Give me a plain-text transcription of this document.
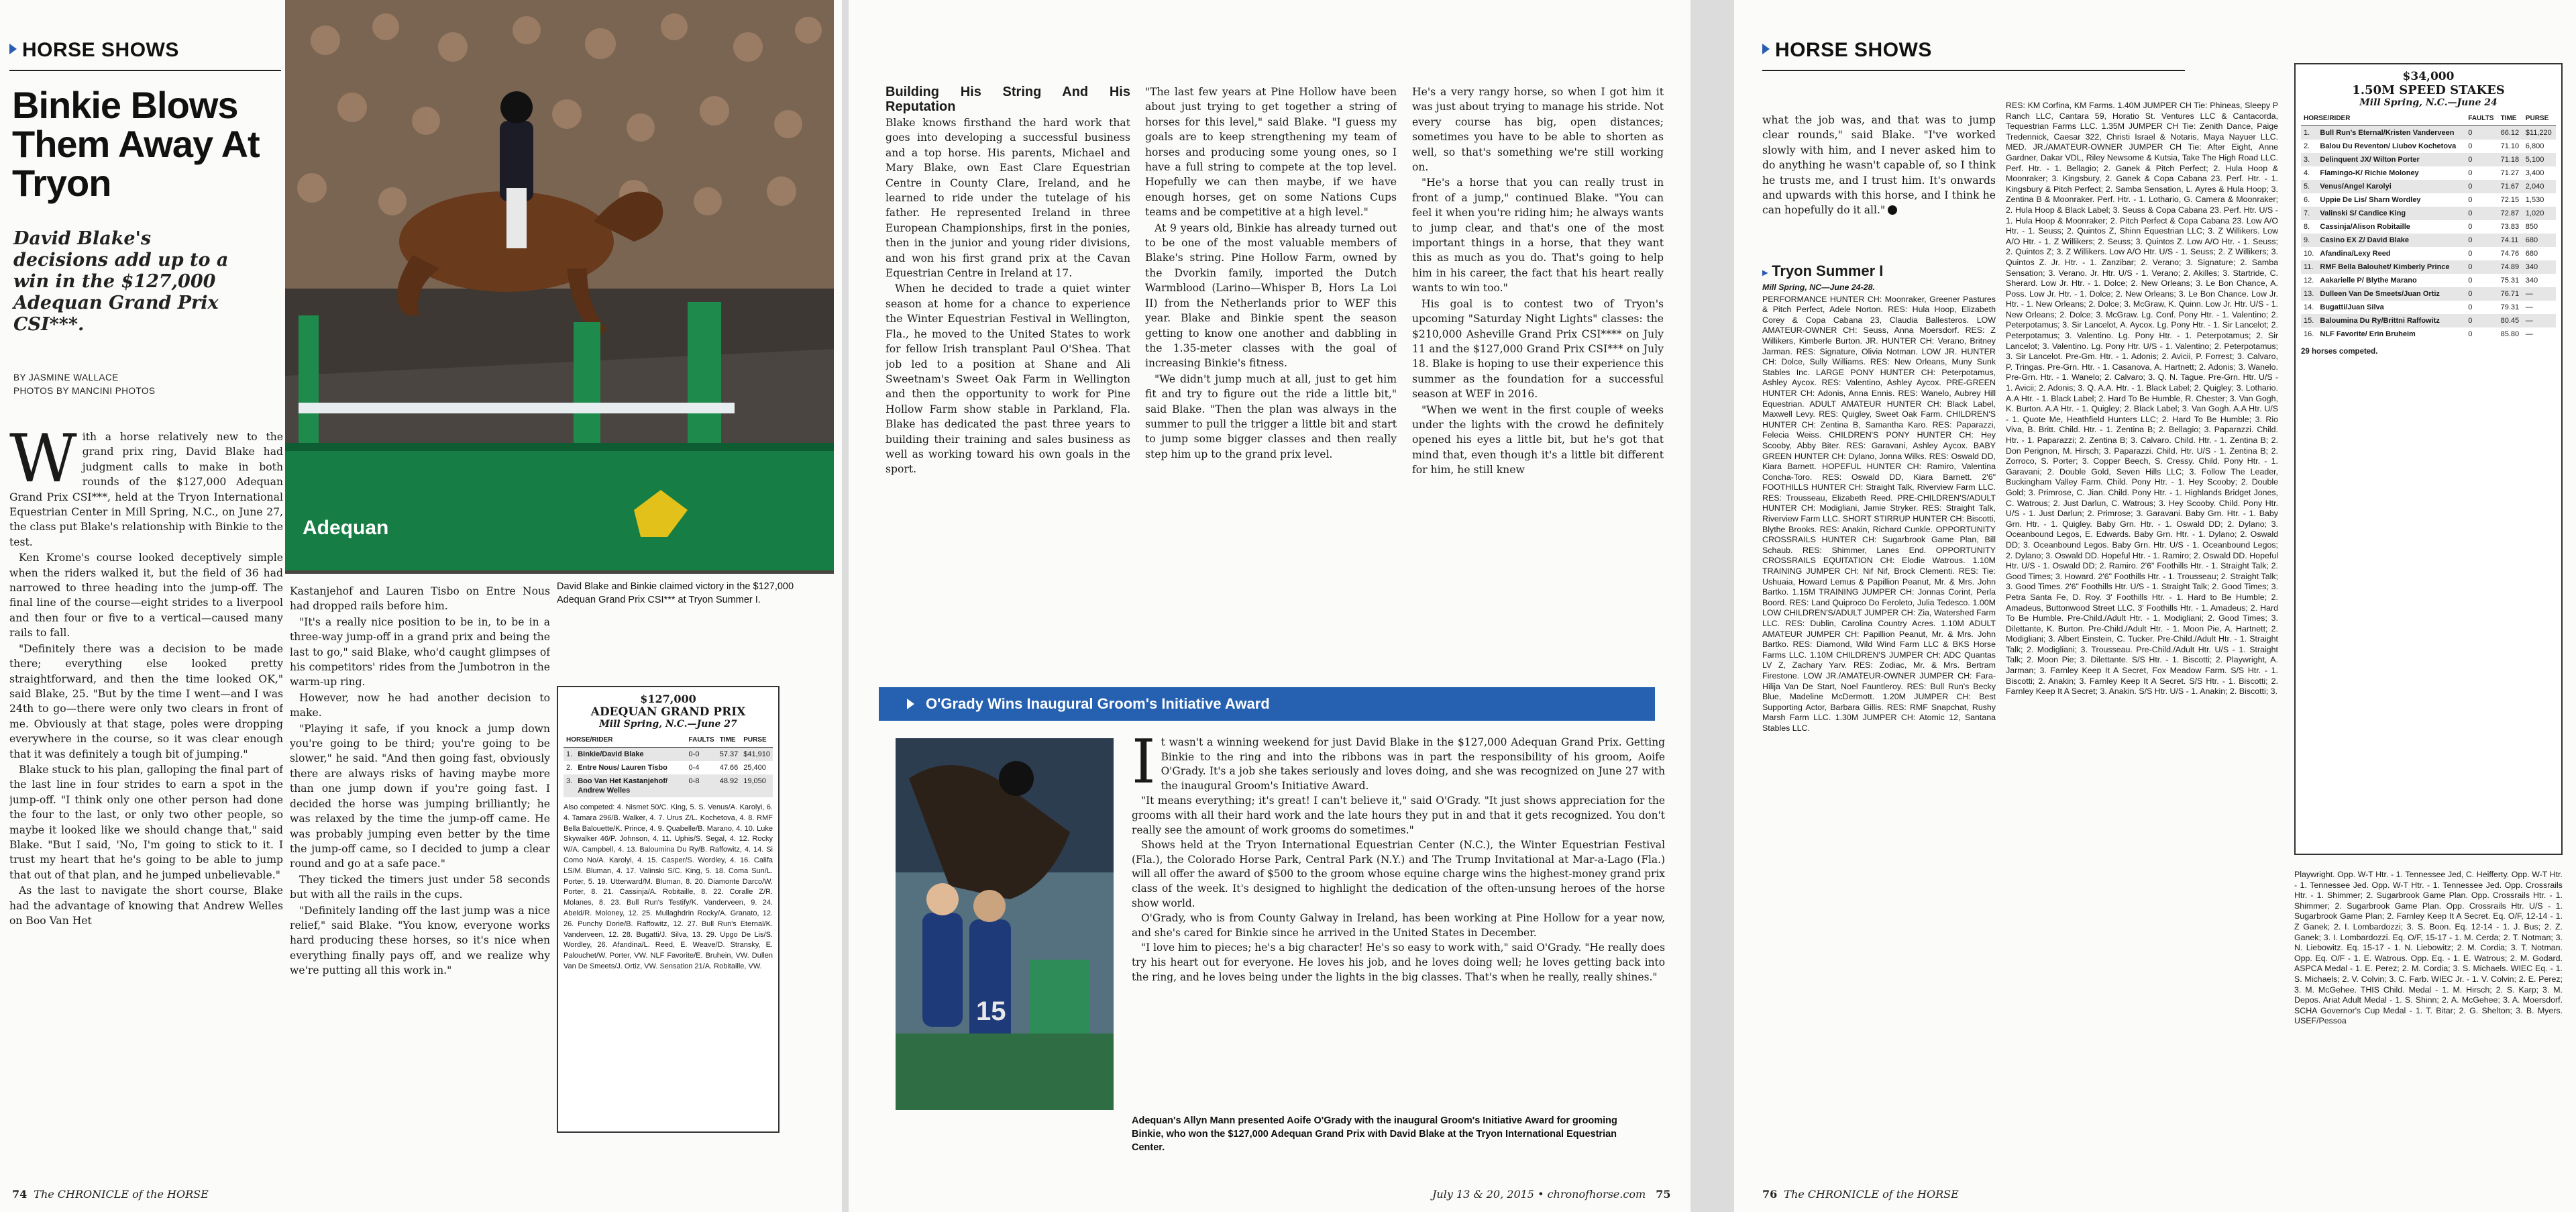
HORSE SHOWS
Binkie Blows Them Away At Tryon
David Blake's decisions add up to a win in the $127,000 Adequan Grand Prix CSI***.
BY JASMINE WALLACE
PHOTOS BY MANCINI PHOTOS
Adequan

With a horse relatively new to the grand prix ring, David Blake had judgment calls to make in both rounds of the $127,000 Adequan Grand Prix CSI***, held at the Tryon International Equestrian Center in Mill Spring, N.C., on June 27, the class put Blake's relationship with Binkie to the test.

Ken Krome's course looked deceptively simple when the riders walked it, but the field of 36 had narrowed to three heading into the jump-off. The final line of the course—eight strides to a liverpool and then four or five to a vertical—caused many rails to fall.

"Definitely there was a decision to be made there; everything else looked pretty straightforward, and then the time looked OK," said Blake, 25. "But by the time I went—and I was 24th to go—there were only two clears in front of me. Obviously at that stage, poles were dropping everywhere in the course, so it was clear enough that it was definitely a tough bit of jumping."

Blake stuck to his plan, galloping the final part of the last line in four strides to earn a spot in the jump-off. "I think only one other person had done the four to the last, or only two other people, so maybe it looked like we should change that," said Blake. "But I said, 'No, I'm going to stick to it. I trust my heart that he's going to be able to jump that out of that plan, and he jumped unbelievable."

As the last to navigate the short course, Blake had the advantage of knowing that Andrew Welles on Boo Van Het

Kastanjehof and Lauren Tisbo on Entre Nous had dropped rails before him.

"It's a really nice position to be in, to be in a three-way jump-off in a grand prix and being the last to go," said Blake, who'd caught glimpses of his competitors' rides from the Jumbotron in the warm-up ring.

However, now he had another decision to make.

"Playing it safe, if you knock a jump down you're going to be third; you're going to be slower," he said. "And then going fast, obviously there are always risks of having maybe more than one jump down if you're going fast. I decided the horse was jumping brilliantly; he was relaxed by the time the jump-off came. He was probably jumping even better by the time the jump-off came, so I decided to jump a clear round and go at a safe pace."

They ticked the timers just under 58 seconds but with all the rails in the cups.

"Definitely landing off the last jump was a nice relief," said Blake. "You know, everyone works hard producing these horses, so it's nice when everything finally pays off, and we realize why we're putting all this work in."

David Blake and Binkie claimed victory in the $127,000 Adequan Grand Prix CSI*** at Tryon Summer I.
$127,000
ADEQUAN GRAND PRIX
Mill Spring, N.C.—June 27
HORSE/RIDER		FAULTS	TIME	PURSE
1.	Binkie/David Blake	0-0	57.37	$41,910
2.	Entre Nous/ Lauren Tisbo	0-4	47.66	25,400
3.	Boo Van Het Kastanjehof/ Andrew Welles	0-8	48.92	19,050
Also competed: 4. Nismet 50/C. King, 5. S. Venus/A. Karolyi, 6. 4. Tamara 296/B. Walker, 4. 7. Urus Z/L. Kochetova, 4. 8. RMF Bella Balouette/K. Prince, 4. 9. Quabelle/B. Marano, 4. 10. Luke Skywalker 46/P. Johnson, 4. 11. Uphis/S. Segal, 4. 12. Rocky W/A. Campbell, 4. 13. Baloumina Du Ry/B. Raffowitz, 4. 14. Si Como No/A. Karolyi, 4. 15. Casper/S. Wordley, 4. 16. Califa LS/M. Bluman, 4. 17. Valinski S/C. King, 5. 18. Coma Sun/L. Porter, 5. 19. Utterward/M. Bluman, 8. 20. Diamonte Darco/W. Porter, 8. 21. Cassinja/A. Robitaille, 8. 22. Coralle Z/R. Molanes, 8. 23. Bull Run's Testify/K. Vanderveen, 9. 24. Abeld/R. Moloney, 12. 25. Mullaghdrin Rocky/A. Granato, 12. 26. Punchy Dorie/B. Raffowitz, 12. 27. Bull Run's Eternal/K. Vanderveen, 12. 28. Bugatti/J. Silva, 13. 29. Upgo De Lis/S. Wordley, 26. Afandina/L. Reed, E. Weave/D. Stransky, E. Palouchet/W. Porter, VW. NLF Favorite/E. Bruhein, VW. Dullen Van De Smeets/J. Ortiz, VW. Sensation 21/A. Robitaille, VW.
74 The CHRONICLE of the HORSE
Building His String And His Reputation

Blake knows firsthand the hard work that goes into developing a successful business and a top horse. His parents, Michael and Mary Blake, own East Clare Equestrian Centre in County Clare, Ireland, and he learned to ride under the tutelage of his father. He represented Ireland in three European Championships, first in the ponies, then in the junior and young rider divisions, and won his first grand prix at the Cavan Equestrian Centre in Ireland at 17.

When he decided to trade a quiet winter season at home for a chance to experience the Winter Equestrian Festival in Wellington, Fla., he moved to the United States to work for fellow Irish transplant Paul O'Shea. That job led to a position at Shane and Ali Sweetnam's Sweet Oak Farm in Wellington and then the opportunity to work for Pine Hollow Farm show stable in Parkland, Fla. Blake has dedicated the past three years to building their training and sales business as well as working toward his own goals in the sport.

"The last few years at Pine Hollow have been about just trying to get together a string of horses for this level," said Blake. "I guess my goals are to keep strengthening my team of horses and producing some young ones, so I have a full string to compete at the top level. Hopefully we can then maybe, if we have enough horses, get on some Nations Cups teams and be competitive at a high level."

At 9 years old, Binkie has already turned out to be one of the most valuable members of Blake's string. Pine Hollow Farm, owned by the Dvorkin family, imported the Dutch Warmblood (Larino—Whisper B, Hors La Loi II) from the Netherlands prior to WEF this year. Blake and Binkie spent the season getting to know one another and dabbling in the 1.35-meter classes with the goal of increasing Binkie's fitness.

"We didn't jump much at all, just to get him fit and try to figure out the ride a little bit," said Blake. "Then the plan was always in the summer to pull the trigger a little bit and start to jump some bigger classes and then really step him up to the grand prix level.

He's a very rangy horse, so when I got him it was just about trying to manage his stride. Not every course has big, open distances; sometimes you have to be able to shorten as well, so that's something we're still working on.

"He's a horse that you can really trust in front of a jump," continued Blake. "You can feel it when you're riding him; he always wants to jump clear, and that's one of the most important things in a horse, that they want this as much as you do. That's going to help him in his career, the fact that his heart really wants to win too."

His goal is to contest two of Tryon's upcoming "Saturday Night Lights" classes: the $210,000 Asheville Grand Prix CSI**** on July 11 and the $127,000 Grand Prix CSI*** on July 18. Blake is hoping to use their experience this summer as the foundation for a successful season at WEF in 2016.

"When we went in the first couple of weeks under the lights with the crowd he definitely opened his eyes a little bit, but he's got that mind that, even though it's a little bit different for him, he still knew

O'Grady Wins Inaugural Groom's Initiative Award
15

It wasn't a winning weekend for just David Blake in the $127,000 Adequan Grand Prix. Getting Binkie to the ring and into the ribbons was in part the responsibility of his groom, Aoife O'Grady. It's a job she takes seriously and loves doing, and she was recognized on June 27 with the inaugural Groom's Initiative Award.

"It means everything; it's great! I can't believe it," said O'Grady. "It just shows appreciation for the grooms with all their hard work and the late hours they put in and that it gets recognized. You don't really see the amount of work grooms do sometimes."

Shows held at the Tryon International Equestrian Center (N.C.), the Winter Equestrian Festival (Fla.), the Colorado Horse Park, Central Park (N.Y.) and The Trump Invitational at Mar-a-Lago (Fla.) will all offer the award of $500 to the groom whose equine charge wins the highest-money grand prix class of the week. It's designed to highlight the dedication of the often-unsung heroes of the horse show world.

O'Grady, who is from County Galway in Ireland, has been working at Pine Hollow for a year now, and she's cared for Binkie since he arrived in the United States in December.

"I love him to pieces; he's a big character! He's so easy to work with," said O'Grady. "He really does try his heart out for everyone. He loves his job, and he loves doing well; he loves getting back into the ring, and he loves being under the lights in the big classes. That's when he really, really shines."

Adequan's Allyn Mann presented Aoife O'Grady with the inaugural Groom's Initiative Award for grooming Binkie, who won the $127,000 Adequan Grand Prix with David Blake at the Tryon International Equestrian Center.
July 13 & 20, 2015 • chronofhorse.com 75
HORSE SHOWS

what the job was, and that was to jump clear rounds," said Blake. "I've worked slowly with him, and I never asked him to do anything he wasn't capable of, so I think he trusts me, and I trust him. It's onwards and upwards with this horse, and I think he can hopefully do it all."

▸ Tryon Summer I
Mill Spring, NC—June 24-28.
PERFORMANCE HUNTER CH: Moonraker, Greener Pastures & Pitch Perfect, Adele Norton. RES: Hula Hoop, Elizabeth Corey & Copa Cabana 23, Claudia Ballesteros. LOW AMATEUR-OWNER CH: Seuss, Anna Moersdorf. RES: Z Willikers, Kimberle Burton. JR. HUNTER CH: Verano, Britney Jarman. RES: Signature, Olivia Notman. LOW JR. HUNTER CH: Dolce, Sully Williams. RES: New Orleans, Muny Sunk Stables Inc. LARGE PONY HUNTER CH: Peterpotamus, Ashley Aycox. RES: Valentino, Ashley Aycox. PRE-GREEN HUNTER CH: Adonis, Anna Ennis. RES: Wanelo, Aubrey Hill Equestrian. ADULT AMATEUR HUNTER CH: Black Label, Maxwell Levy. RES: Quigley, Sweet Oak Farm. CHILDREN'S HUNTER CH: Zentina B, Samantha Karo. RES: Paparazzi, Felecia Weiss. CHILDREN'S PONY HUNTER CH: Hey Scooby, Abby Biter. RES: Garavani, Ashley Aycox. BABY GREEN HUNTER CH: Dylano, Jonna Wilks. RES: Oswald DD, Kiara Barnett. HOPEFUL HUNTER CH: Ramiro, Valentina Concha-Toro. RES: Oswald DD, Kiara Barnett. 2'6" FOOTHILLS HUNTER CH: Straight Talk, Riverview Farm LLC. RES: Trousseau, Elizabeth Reed. PRE-CHILDREN'S/ADULT HUNTER CH: Modigliani, Jamie Stryker. RES: Straight Talk, Riverview Farm LLC. SHORT STIRRUP HUNTER CH: Biscotti, Blythe Brooks. RES: Anakin, Richard Cunkle. OPPORTUNITY CROSSRAILS HUNTER CH: Sugarbrook Game Plan, Bill Schaub. RES: Shimmer, Lanes End. OPPORTUNITY CROSSRAILS EQUITATION CH: Elodie Watrous. 1.10M TRAINING JUMPER CH: Nif Nif, Brock Clementi. RES: Tie: Ushuaia, Howard Lemus & Papillion Peanut, Mr. & Mrs. John Bartko. 1.15M TRAINING JUMPER CH: Jonnas Corint, Perla Boord. RES: Land Quiproco Do Feroleto, Julia Tedesco. 1.00M LOW CHILDREN'S/ADULT JUMPER CH: Zia, Watershed Farm LLC. RES: Dublin, Carolina Country Acres. 1.10M ADULT AMATEUR JUMPER CH: Papillion Peanut, Mr. & Mrs. John Bartko. RES: Diamond, Wild Wind Farm LLC & BKS Horse Farms LLC. 1.10M CHILDREN'S JUMPER CH: ADC Quantas LV Z, Zachary Yarv. RES: Zodiac, Mr. & Mrs. Bertram Firestone. LOW JR./AMATEUR-OWNER JUMPER CH: Fara-Hilija Van De Start, Noel Fauntleroy. RES: Bull Run's Becky Blue, Madeline McDermott. 1.20M JUMPER CH: Best Supporting Actor, Barbara Gillis. RES: RMF Snapchat, Rushy Marsh Farm LLC. 1.30M JUMPER CH: Atomic 12, Santana Stables LLC.
RES: KM Corfina, KM Farms. 1.40M JUMPER CH Tie: Phineas, Sleepy P Ranch LLC, Cantara 59, Horatio St. Ventures LLC & Cantacorda, Tequestrian Farms LLC. 1.35M JUMPER CH Tie: Zenith Dance, Paige Tredennick, Caesar 322, Christi Israel & Notaris, Maya Nayuer LLC. MED. JR./AMATEUR-OWNER JUMPER CH Tie: After Eight, Anne Gardner, Dakar VDL, Riley Newsome & Kutsia, Take The High Road LLC. Perf. Htr. - 1. Bellagio; 2. Ganek & Pitch Perfect; 2. Hula Hoop & Moonraker; 3. Kingsbury, 2. Ganek & Copa Cabana 23. Perf. Htr. - 1. Kingsbury & Pitch Perfect; 2. Samba Sensation, L. Ayres & Hula Hoop; 3. Zentina B & Moonraker. Perf. Htr. - 1. Lothario, G. Camera & Moonraker; 2. Hula Hoop & Black Label; 3. Seuss & Copa Cabana 23. Perf. Htr. U/S - 1. Hula Hoop & Moonraker; 2. Pitch Perfect & Copa Cabana 23. Low A/O Htr. - 1. Seuss; 2. Quintos Z, Shinn Equestrian LLC; 3. Z Willikers. Low A/O Htr. - 1. Z Willikers; 2. Seuss; 3. Quintos Z. Low A/O Htr. - 1. Seuss; 2. Quintos Z; 3. Z Willikers. Low A/O Htr. U/S - 1. Seuss; 2. Z Willikers; 3. Quintos Z. Jr. Htr. - 1. Zanzibar; 2. Verano; 3. Signature; 2. Samba Sensation; 3. Verano. Jr. Htr. U/S - 1. Verano; 2. Akilles; 3. Startride, C. Sherard. Low Jr. Htr. - 1. Dolce; 2. New Orleans; 3. Le Bon Chance, A. Poss. Low Jr. Htr. - 1. Dolce; 2. New Orleans; 3. Le Bon Chance. Low Jr. Htr. - 1. New Orleans; 2. Dolce; 3. McGraw, K. Quinn. Low Jr. Htr. U/S - 1. New Orleans; 2. Dolce; 3. McGraw. Lg. Conf. Pony Htr. - 1. Valentino; 2. Peterpotamus; 3. Sir Lancelot, A. Aycox. Lg. Pony Htr. - 1. Sir Lancelot; 2. Peterpotamus; 3. Valentino. Lg. Pony Htr. - 1. Peterpotamus; 2. Sir Lancelot; 3. Valentino. Lg. Pony Htr. U/S - 1. Valentino; 2. Peterpotamus; 3. Sir Lancelot. Pre-Gm. Htr. - 1. Adonis; 2. Avicii, P. Forrest; 3. Calvaro, P. Tringas. Pre-Grn. Htr. - 1. Casanova, A. Hartnett; 2. Adonis; 3. Wanelo. Pre-Grn. Htr. - 1. Wanelo; 2. Calvaro; 3. Q. N. Tague. Pre-Grn. Htr. U/S - 1. Avicii; 2. Adonis; 3. Q. A.A. Htr. - 1. Black Label; 2. Quigley; 3. Lothario. A.A Htr. - 1. Black Label; 2. Hard To Be Humble, R. Chester; 3. Van Gogh, K. Burton. A.A Htr. - 1. Quigley; 2. Black Label; 3. Van Gogh. A.A Htr. U/S - 1. Quote Me, Heathfield Hunters LLC; 2. Hard To Be Humble; 3. Rio Viva, B. Britt. Child. Htr. - 1. Zentina B; 2. Bellagio; 3. Paparazzi. Child. Htr. - 1. Paparazzi; 2. Zentina B; 3. Calvaro. Child. Htr. - 1. Zentina B; 2. Don Perignon, M. Hirsch; 3. Paparazzi. Child. Htr. U/S - 1. Zentina B; 2. Zorroco, S. Porter; 3. Copper Beech, S. Cressy. Child. Pony Htr. - 1. Garavani; 2. Double Gold, Seven Hills LLC; 3. Follow The Leader, Buckingham Valley Farm. Child. Pony Htr. - 1. Hey Scooby; 2. Double Gold; 3. Primrose, C. Jian. Child. Pony Htr. - 1. Highlands Bridget Jones, C. Watrous; 2. Just Darlun, C. Watrous; 3. Hey Scooby. Child. Pony Htr. U/S - 1. Just Darlun; 2. Primrose; 3. Garavani. Baby Grn. Htr. - 1. Baby Grn. Htr. - 1. Quigley. Baby Grn. Htr. - 1. Oswald DD; 2. Dylano; 3. Oceanbound Legos, E. Edwards. Baby Grn. Htr. - 1. Dylano; 2. Oswald DD; 3. Oceanbound Legos. Baby Grn. Htr. U/S - 1. Oceanbound Legos; 2. Dylano; 3. Oswald DD. Hopeful Htr. - 1. Ramiro; 2. Oswald DD. Hopeful Htr. U/S - 1. Oswald DD; 2. Ramiro. 2'6" Foothills Htr. - 1. Straight Talk; 2. Good Times; 3. Howard. 2'6" Foothills Htr. - 1. Trousseau; 2. Straight Talk; 3. Good Times. 2'6" Foothills Htr. U/S - 1. Straight Talk; 2. Good Times; 3. Petra Santa Fe, D. Roy. 3' Foothills Htr. - 1. Hard to Be Humble; 2. Amadeus, Buttonwood Street LLC. 3' Foothills Htr. - 1. Amadeus; 2. Hard To Be Humble. Pre-Child./Adult Htr. - 1. Modigliani; 2. Good Times; 3. Dilettante, K. Burton. Pre-Child./Adult Htr. - 1. Moon Pie, A. Hartnett; 2. Modigliani; 3. Albert Einstein, C. Tucker. Pre-Child./Adult Htr. - 1. Straight Talk; 2. Modigliani; 3. Trousseau. Pre-Child./Adult Htr. U/S - 1. Straight Talk; 2. Moon Pie; 3. Dilettante. S/S Htr. - 1. Biscotti; 2. Playwright, A. Jarman; 3. Farnley Keep It A Secret, Fox Meadow Farm. S/S Htr. - 1. Biscotti; 2. Anakin; 3. Farnley Keep It A Secret. S/S Htr. - 1. Biscotti; 2. Farnley Keep It A Secret; 3. Anakin. S/S Htr. U/S - 1. Anakin; 2. Biscotti; 3.
$34,000
1.50M SPEED STAKES
Mill Spring, N.C.—June 24
HORSE/RIDER		FAULTS	TIME	PURSE
1.	Bull Run's Eternal/Kristen Vanderveen	0	66.12	$11,220
2.	Balou Du Reventon/ Liubov Kochetova	0	71.10	6,800
3.	Delinquent JX/ Wilton Porter	0	71.18	5,100
4.	Flamingo-K/ Richie Moloney	0	71.27	3,400
5.	Venus/Angel Karolyi	0	71.67	2,040
6.	Uppie De Lis/ Sharn Wordley	0	72.15	1,530
7.	Valinski S/ Candice King	0	72.87	1,020
8.	Cassinja/Alison Robitaille	0	73.83	850
9.	Casino EX Z/ David Blake	0	74.11	680
10.	Afandina/Lexy Reed	0	74.76	680
11.	RMF Bella Balouhet/ Kimberly Prince	0	74.89	340
12.	Aakarielle P/ Blythe Marano	0	75.31	340
13.	Dulleen Van De Smeets/Juan Ortiz	0	76.71	—
14.	Bugatti/Juan Silva	0	79.31	—
15.	Baloumina Du Ry/Brittni Raffowitz	0	80.45	—
16.	NLF Favorite/ Erin Bruheim	0	85.80	—
29 horses competed.
Playwright. Opp. W-T Htr. - 1. Tennessee Jed, C. Heifferty. Opp. W-T Htr. - 1. Tennessee Jed. Opp. W-T Htr. - 1. Tennessee Jed. Opp. Crossrails Htr. - 1. Shimmer; 2. Sugarbrook Game Plan. Opp. Crossrails Htr. - 1. Shimmer; 2. Sugarbrook Game Plan. Opp. Crossrails Htr. U/S - 1. Sugarbrook Game Plan; 2. Farnley Keep It A Secret. Eq. O/F, 12-14 - 1. Z Ganek; 2. I. Lombardozzi; 3. S. Boon. Eq. 12-14 - 1. J. Bus; 2. Z. Ganek; 3. I. Lombardozzi. Eq. O/F, 15-17 - 1. M. Cerda; 2. T. Notman; 3. N. Liebowitz. Eq. 15-17 - 1. N. Liebowitz; 2. M. Cordia; 3. T. Notman. Opp. Eq. O/F - 1. E. Watrous. Opp. Eq. - 1. E. Watrous; 2. M. Godard. ASPCA Medal - 1. E. Perez; 2. M. Cordia; 3. S. Michaels. WIEC Eq. - 1. S. Michaels; 2. V. Colvin; 3. C. Farb. WIEC Jr. - 1. V. Colvin; 2. E. Perez; 3. M. McGehee. THIS Child. Medal - 1. M. Hirsch; 2. S. Karp; 3. M. Depos. Ariat Adult Medal - 1. S. Shinn; 2. A. McGehee; 3. A. Moersdorf. SCHA Governor's Cup Medal - 1. T. Bitar; 2. G. Shelton; 3. B. Myers. USEF/Pessoa
76 The CHRONICLE of the HORSE
